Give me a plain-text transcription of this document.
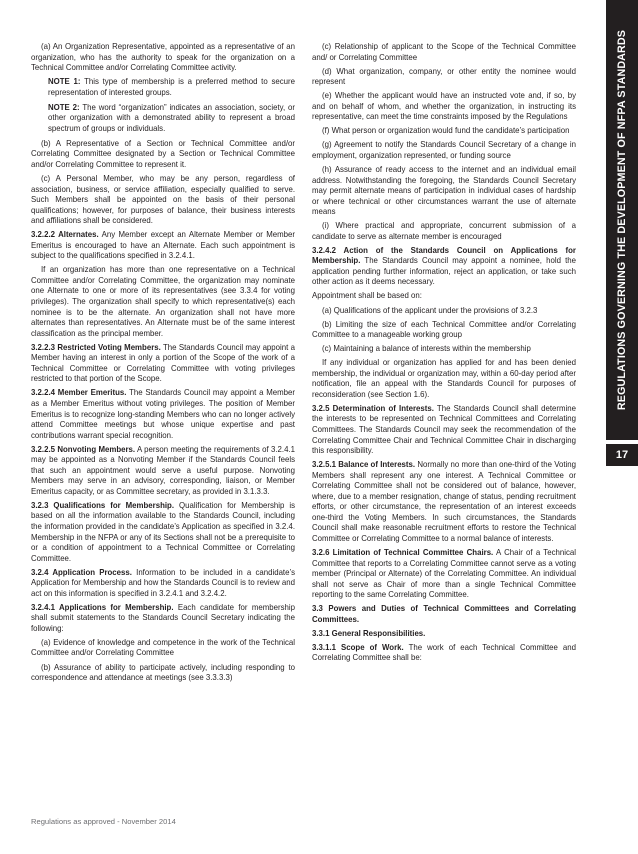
(a) An Organization Representative, appointed as a representative of an organization, who has the authority to speak for the organization on a Technical Committee and/or Correlating Committee activity.

NOTE 1: This type of membership is a preferred method to secure representation of interested groups.

NOTE 2: The word “organization” indicates an association, society, or other organization with a demonstrated ability to represent a broad spectrum of groups or individuals.

(b) A Representative of a Section or Technical Committee and/or Correlating Committee designated by a Section or Technical Committee and/or Correlating Committee to represent it.

(c) A Personal Member, who may be any person, regardless of association, business, or service affiliation, especially qualified to serve. Such Members shall be appointed on the basis of their personal qualifications; however, for purposes of balance, their business interests and affiliations shall be considered.

3.2.2.2 Alternates. Any Member except an Alternate Member or Member Emeritus is encouraged to have an Alternate. Each such appointment is subject to the qualifications specified in 3.2.4.1.

If an organization has more than one representative on a Technical Committee and/or Correlating Committee, the organization may nominate one Alternate to one or more of its representatives (see 3.3.4 for voting privileges). The organization shall specify to which representative(s) each nominee is to be the alternate. An organization shall not have more alternates than representatives. An Alternate must be of the same interest classification as the principal member.

3.2.2.3 Restricted Voting Members. The Standards Council may appoint a Member having an interest in only a portion of the Scope of the work of a Technical Committee or Correlating Committee with voting privileges restricted to that portion of the Scope.

3.2.2.4 Member Emeritus. The Standards Council may appoint a Member as a Member Emeritus without voting privileges. The position of Member Emeritus is to recognize long-standing Members who can no longer actively attend Committee meetings but whose unique expertise and past contributions warrant special recognition.

3.2.2.5 Nonvoting Members. A person meeting the requirements of 3.2.4.1 may be appointed as a Nonvoting Member if the Standards Council feels that such an appointment would serve a useful purpose. Nonvoting Members may serve in an advisory, corresponding, liaison, or Member Emeritus capacity, or as Committee secretary, as provided in 3.1.3.3.

3.2.3 Qualifications for Membership. Qualification for Membership is based on all the information available to the Standards Council, including the information provided in the candidate’s Application as specified in 3.2.4. Membership in the NFPA or any of its Sections shall not be a prerequisite to or a condition of appointment to a Technical Committee or Correlating Committee.

3.2.4 Application Process. Information to be included in a candidate’s Application for Membership and how the Standards Council is to review and act on this information is specified in 3.2.4.1 and 3.2.4.2.

3.2.4.1 Applications for Membership. Each candidate for membership shall submit statements to the Standards Council Secretary indicating the following:

(a) Evidence of knowledge and competence in the work of the Technical Committee and/or Correlating Committee

(b) Assurance of ability to participate actively, including responding to correspondence and attendance at meetings (see 3.3.3.3)

(c) Relationship of applicant to the Scope of the Technical Committee and/ or Correlating Committee

(d) What organization, company, or other entity the nominee would represent

(e) Whether the applicant would have an instructed vote and, if so, by and on behalf of whom, and whether the organization, in instructing its representative, can meet the time constraints imposed by the Regulations

(f) What person or organization would fund the candidate’s participation

(g) Agreement to notify the Standards Council Secretary of a change in employment, organization represented, or funding source

(h) Assurance of ready access to the internet and an individual email address. Notwithstanding the foregoing, the Standards Council Secretary may permit alternate means of participation in individual cases of hardship or where technical or other circumstances warrant the use of alternate means

(i) Where practical and appropriate, concurrent submission of a candidate to serve as alternate member is encouraged

3.2.4.2 Action of the Standards Council on Applications for Membership. The Standards Council may appoint a nominee, hold the application pending further information, reject an application, or take such other action as it deems necessary.

Appointment shall be based on:

(a) Qualifications of the applicant under the provisions of 3.2.3

(b) Limiting the size of each Technical Committee and/or Correlating Committee to a manageable working group

(c) Maintaining a balance of interests within the membership

If any individual or organization has applied for and has been denied membership, the individual or organization may, within a 60-day period after notification, file an appeal with the Standards Council for purposes of reconsideration (see Section 1.6).

3.2.5 Determination of Interests. The Standards Council shall determine the interests to be represented on Technical Committees and Correlating Committees. The Standards Council may seek the recommendation of the Correlating Committee Chair and Technical Committee Chair in discharging this responsibility.

3.2.5.1 Balance of Interests. Normally no more than one-third of the Voting Members shall represent any one interest. A Technical Committee or Correlating Committee shall not be considered out of balance, however, where, due to a member resignation, change of status, pending recruitment efforts, or other circumstance, the representation of an interest exceeds one-third the Voting Members. In such circumstances, the Standards Council shall make reasonable recruitment efforts to restore the Technical Committee or Correlating Committee to a normal balance of interests.

3.2.6 Limitation of Technical Committee Chairs. A Chair of a Technical Committee that reports to a Correlating Committee cannot serve as a voting member (Principal or Alternate) of the Correlating Committee. An individual shall not serve as Chair of more than a single Technical Committee reporting to the same Correlating Committee.

3.3 Powers and Duties of Technical Committees and Correlating Committees.

3.3.1 General Responsibilities.

3.3.1.1 Scope of Work. The work of each Technical Committee and Correlating Committee shall be:

REGULATIONS GOVERNING THE DEVELOPMENT OF NFPA STANDARDS
17
Regulations as approved - November 2014
